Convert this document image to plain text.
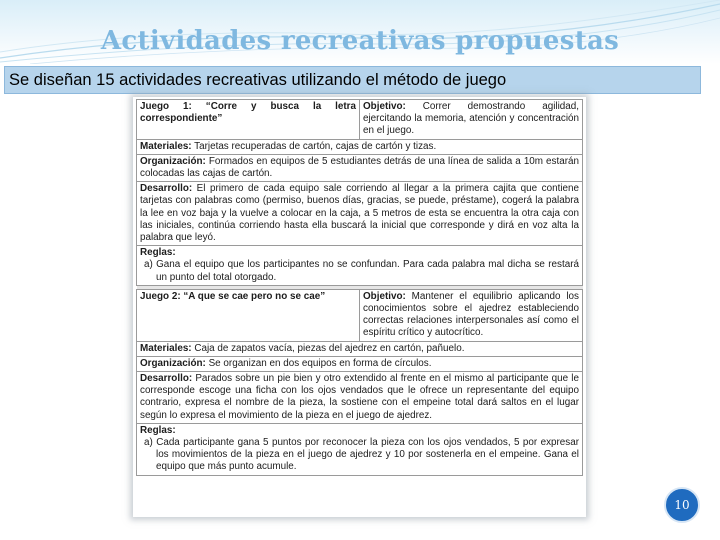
Actividades recreativas propuestas
Se diseñan 15 actividades recreativas utilizando el método de juego
Juego 1: “Corre y busca la letra correspondiente”	Objetivo: Correr demostrando agilidad, ejercitando la memoria, atención y concentración en el juego.
Materiales: Tarjetas recuperadas de cartón, cajas de cartón y tizas.	
Organización: Formados en equipos de 5 estudiantes detrás de una línea de salida a 10m estarán colocadas las cajas de cartón.	
Desarrollo: El primero de cada equipo sale corriendo al llegar a la primera cajita que contiene tarjetas con palabras como (permiso, buenos días, gracias, se puede, préstame), cogerá la palabra la lee en voz baja y la vuelve a colocar en la caja, a 5 metros de esta se encuentra la otra caja con las iniciales, continúa corriendo hasta ella buscará la inicial que corresponde y dirá en voz alta la palabra que leyó.	

Reglas:
a) Gana el equipo que los participantes no se confundan. Para cada palabra mal dicha se restará un punto del total otorgado.	

Juego 2: “A que se cae pero no se cae”	Objetivo: Mantener el equilibrio aplicando los conocimientos sobre el ajedrez estableciendo correctas relaciones interpersonales así como el espíritu crítico y autocrítico.
Materiales: Caja de zapatos vacía, piezas del ajedrez en cartón, pañuelo.	
Organización: Se organizan en dos equipos en forma de círculos.	
Desarrollo: Parados sobre un pie bien y otro extendido al frente en el mismo al participante que le corresponde escoge una ficha con los ojos vendados que le ofrece un representante del equipo contrario, expresa el nombre de la pieza, la sostiene con el empeine total dará saltos en el lugar según lo expresa el movimiento de la pieza en el juego de ajedrez.	

Reglas:
a) Cada participante gana 5 puntos por reconocer la pieza con los ojos vendados, 5 por expresar los movimientos de la pieza en el juego de ajedrez y 10 por sostenerla en el empeine. Gana el equipo que más punto acumule.	
10
